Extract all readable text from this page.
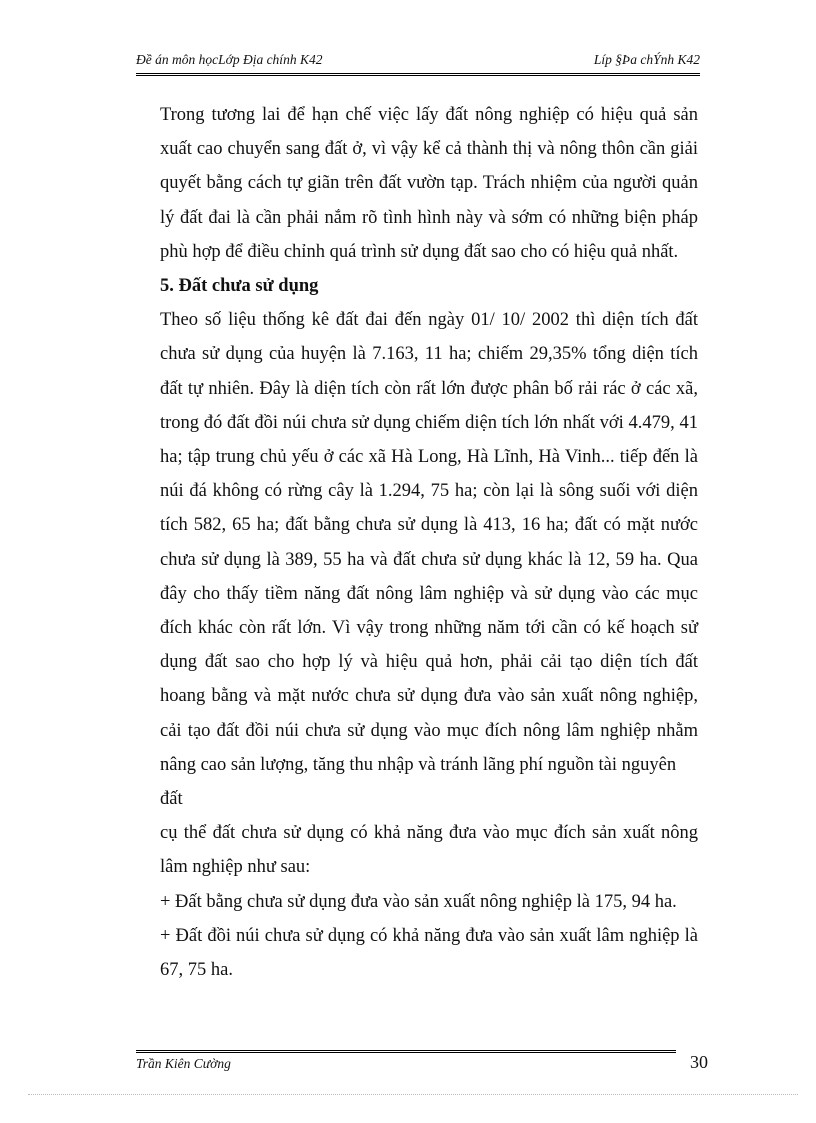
Đề án môn họcLớp Địa chính K42	Líp §Þa chÝnh K42

Trong tương lai để hạn chế việc lấy đất nông nghiệp có hiệu quả sản xuất cao chuyển sang đất ở, vì vậy kể cả thành thị và nông thôn cần giải quyết bằng cách tự giãn trên đất vườn tạp. Trách nhiệm của người quản lý đất đai là cần phải nắm rõ tình hình này và sớm có những biện pháp phù hợp để điều chỉnh quá trình sử dụng đất sao cho có hiệu quả nhất.

5. Đất chưa sử dụng

Theo số liệu thống kê đất đai đến ngày 01/ 10/ 2002 thì diện tích đất chưa sử dụng của huyện là 7.163, 11 ha; chiếm 29,35% tổng diện tích đất tự nhiên. Đây là diện tích còn rất lớn được phân bố rải rác ở các xã, trong đó đất đồi núi chưa sử dụng chiếm diện tích lớn nhất với 4.479, 41 ha; tập trung chủ yếu ở các xã Hà Long, Hà Lĩnh, Hà Vinh... tiếp đến là núi đá không có rừng cây là 1.294, 75 ha; còn lại là sông suối với diện tích 582, 65 ha; đất bằng chưa sử dụng là 413, 16 ha; đất có mặt nước chưa sử dụng là 389, 55 ha và đất chưa sử dụng khác là 12, 59 ha. Qua đây cho thấy tiềm năng đất nông lâm nghiệp và sử dụng vào các mục đích khác còn rất lớn. Vì vậy trong những năm tới cần có kế hoạch sử dụng đất sao cho hợp lý và hiệu quả hơn, phải cải tạo diện tích đất hoang bằng và mặt nước chưa sử dụng đưa vào sản xuất nông nghiệp, cải tạo đất đồi núi chưa sử dụng vào mục đích nông lâm nghiệp nhằm nâng cao sản lượng, tăng thu nhập và tránh lãng phí nguồn tài nguyên

đất

cụ thể đất chưa sử dụng có khả năng đưa vào mục đích sản xuất nông lâm nghiệp như sau:

+ Đất bằng chưa sử dụng đưa vào sản xuất nông nghiệp là 175, 94 ha.

+ Đất đồi núi chưa sử dụng có khả năng đưa vào sản xuất lâm nghiệp là 67, 75 ha.

Trần Kiên Cường	30
